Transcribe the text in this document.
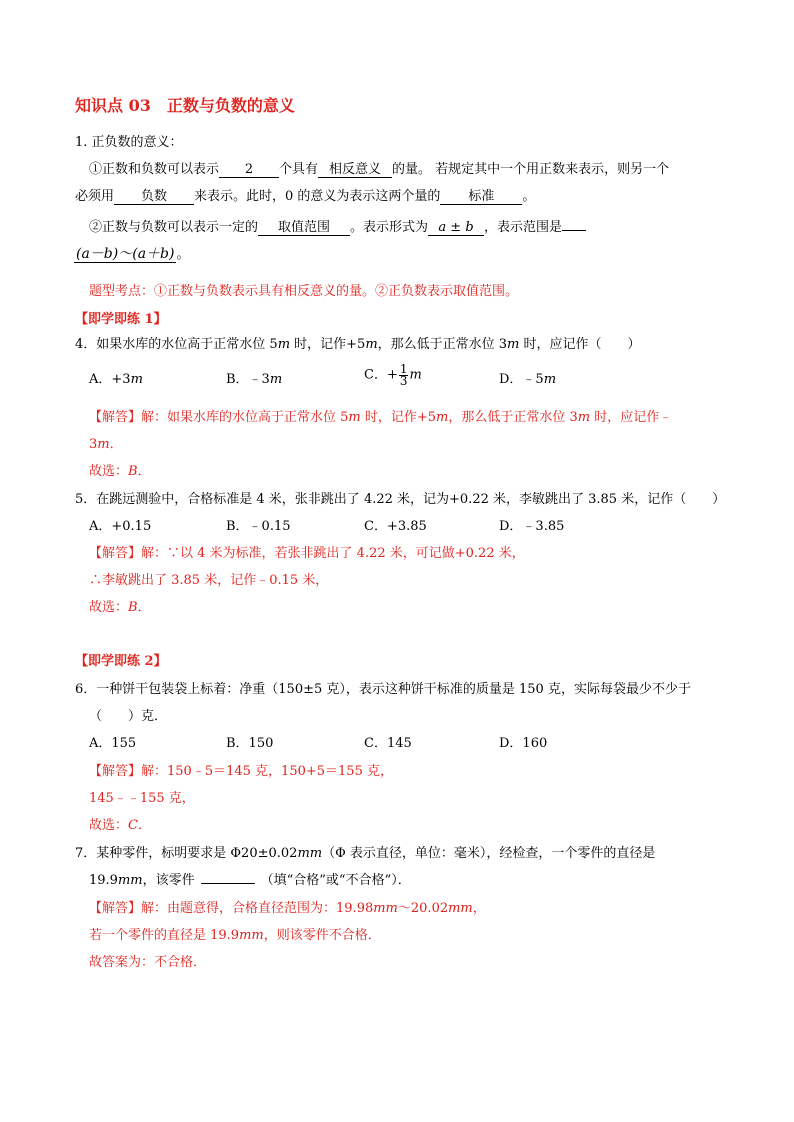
知识点 03　正数与负数的意义
1. 正负数的意义：
①正数和负数可以表示 2 个具有 相反意义 的量。 若规定其中一个用正数来表示，则另一个
必须用 负数 来表示。此时，0 的意义为表示这两个量的 标准 。
②正数与负数可以表示一定的 取值范围 。表示形式为 a ± b ，表示范围是
(a－b)～(a＋b) 。
题型考点：①正数与负数表示具有相反意义的量。②正负数表示取值范围。
【即学即练 1】
4．如果水库的水位高于正常水位 5m 时，记作+5m，那么低于正常水位 3m 时，应记作（　　）
A．+3m	B．﹣3m	C．+ $\frac{1}{3}$ m	D．﹣5m
【解答】解：如果水库的水位高于正常水位 5m 时，记作+5m，那么低于正常水位 3m 时，应记作﹣
3m．
故选：B．
5．在跳远测验中，合格标准是 4 米，张非跳出了 4.22 米，记为+0.22 米，李敏跳出了 3.85 米，记作（　　）
A．+0.15	B．﹣0.15	C．+3.85	D．﹣3.85
【解答】解：∵以 4 米为标准，若张非跳出了 4.22 米，可记做+0.22 米，
∴李敏跳出了 3.85 米，记作﹣0.15 米，
故选：B．
【即学即练 2】
6．一种饼干包装袋上标着：净重（150±5 克），表示这种饼干标准的质量是 150 克，实际每袋最少不少于
（　　）克．
A．155	B．150	C．145	D．160
【解答】解：150﹣5＝145 克，150+5＝155 克，
145﹣﹣155 克，
故选：C．
7．某种零件，标明要求是 Φ20±0.02mm（Φ 表示直径，单位：毫米），经检查，一个零件的直径是
19.9mm，该零件	（填“合格”或“不合格”）．
【解答】解：由题意得，合格直径范围为：19.98mm～20.02mm，
若一个零件的直径是 19.9mm，则该零件不合格．
故答案为：不合格．
